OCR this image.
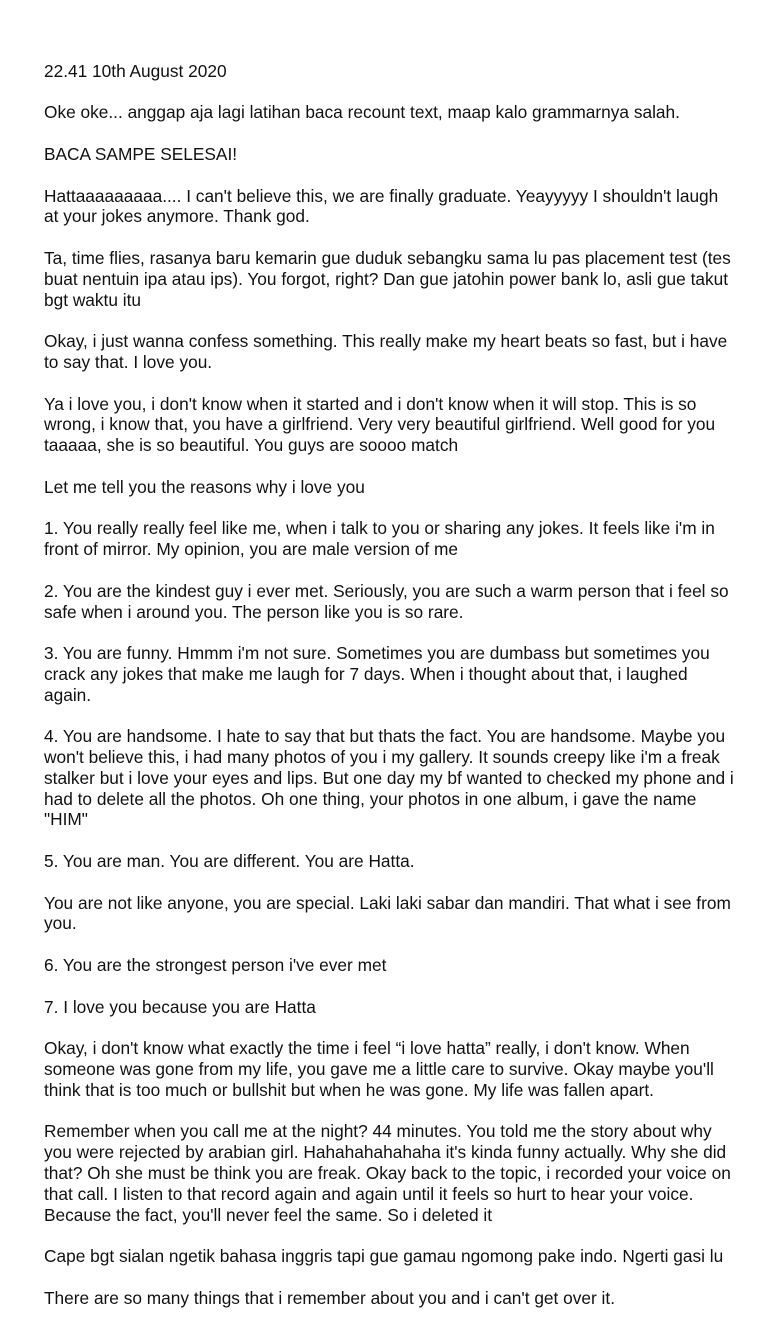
22.41 10th August 2020

Oke oke... anggap aja lagi latihan baca recount text, maap kalo grammarnya salah.

BACA SAMPE SELESAI!

Hattaaaaaaaaa.... I can't believe this, we are finally graduate. Yeayyyyy I shouldn't laugh at your jokes anymore. Thank god.

Ta, time flies, rasanya baru kemarin gue duduk sebangku sama lu pas placement test (tes buat nentuin ipa atau ips). You forgot, right? Dan gue jatohin power bank lo, asli gue takut bgt waktu itu

Okay, i just wanna confess something. This really make my heart beats so fast, but i have to say that. I love you.

Ya i love you, i don't know when it started and i don't know when it will stop. This is so wrong, i know that, you have a girlfriend. Very very beautiful girlfriend. Well good for you taaaaa, she is so beautiful. You guys are soooo match

Let me tell you the reasons why i love you

1. You really really feel like me, when i talk to you or sharing any jokes. It feels like i'm in front of mirror. My opinion, you are male version of me

2. You are the kindest guy i ever met. Seriously, you are such a warm person that i feel so safe when i around you. The person like you is so rare.

3. You are funny. Hmmm i'm not sure. Sometimes you are dumbass but sometimes you crack any jokes that make me laugh for 7 days. When i thought about that, i laughed again.

4. You are handsome. I hate to say that but thats the fact. You are handsome. Maybe you won't believe this, i had many photos of you i my gallery. It sounds creepy like i'm a freak stalker but i love your eyes and lips. But one day my bf wanted to checked my phone and i had to delete all the photos. Oh one thing, your photos in one album, i gave the name "HIM"

5. You are man. You are different. You are Hatta.

You are not like anyone, you are special. Laki laki sabar dan mandiri. That what i see from you.

6. You are the strongest person i've ever met

7. I love you because you are Hatta

Okay, i don't know what exactly the time i feel “i love hatta” really, i don't know. When someone was gone from my life, you gave me a little care to survive. Okay maybe you'll think that is too much or bullshit but when he was gone. My life was fallen apart.

Remember when you call me at the night? 44 minutes. You told me the story about why you were rejected by arabian girl. Hahahahahahaha it's kinda funny actually. Why she did that? Oh she must be think you are freak. Okay back to the topic, i recorded your voice on that call. I listen to that record again and again until it feels so hurt to hear your voice. Because the fact, you'll never feel the same. So i deleted it

Cape bgt sialan ngetik bahasa inggris tapi gue gamau ngomong pake indo. Ngerti gasi lu

There are so many things that i remember about you and i can't get over it.
